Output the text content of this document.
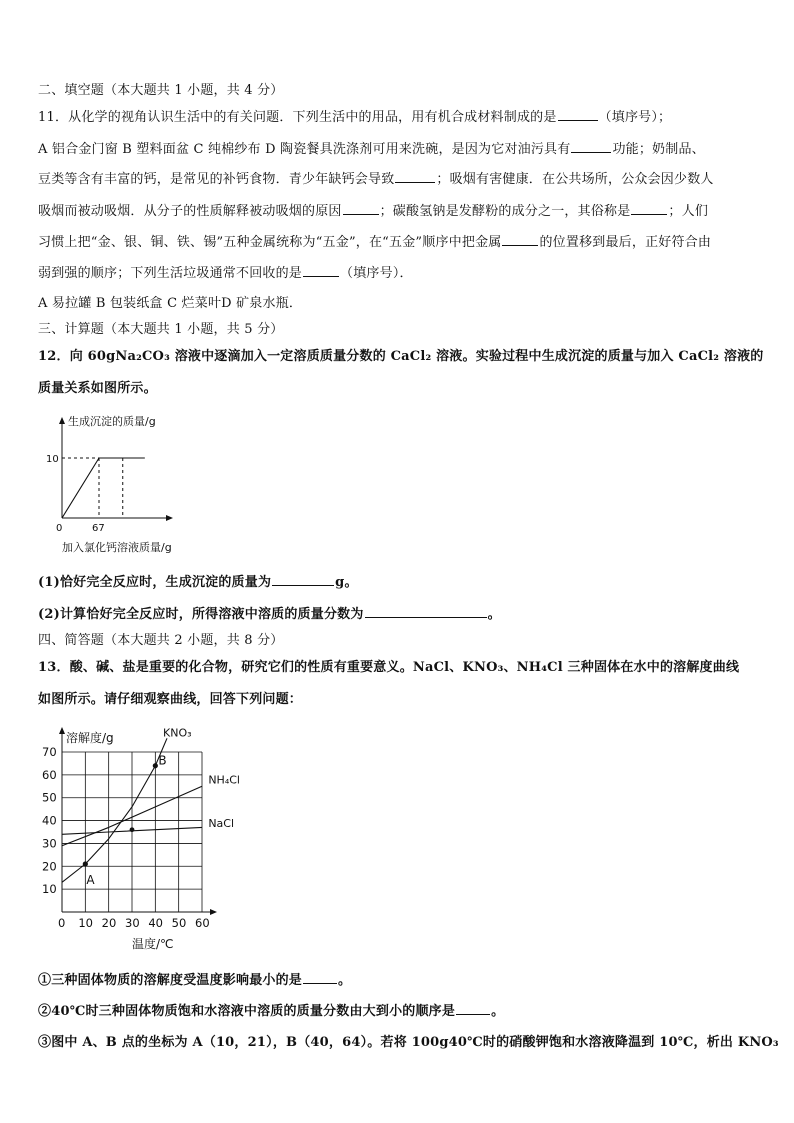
二、填空题（本大题共 1 小题，共 4 分）
11．从化学的视角认识生活中的有关问题．下列生活中的用品，用有机合成材料制成的是	（填序号）；
A 铝合金门窗 B 塑料面盆 C 纯棉纱布 D 陶瓷餐具洗涤剂可用来洗碗，是因为它对油污具有	功能；奶制品、
豆类等含有丰富的钙，是常见的补钙食物．青少年缺钙会导致	；吸烟有害健康．在公共场所，公众会因少数人
吸烟而被动吸烟．从分子的性质解释被动吸烟的原因	；碳酸氢钠是发酵粉的成分之一，其俗称是	；人们
习惯上把“金、银、铜、铁、锡”五种金属统称为“五金”，在“五金”顺序中把金属	的位置移到最后，正好符合由
弱到强的顺序；下列生活垃圾通常不回收的是	（填序号）．
A 易拉罐 B 包装纸盒 C 烂菜叶D 矿泉水瓶．
三、计算题（本大题共 1 小题，共 5 分）
12．向 60gNa₂CO₃ 溶液中逐滴加入一定溶质质量分数的 CaCl₂ 溶液。实验过程中生成沉淀的质量与加入 CaCl₂ 溶液的
质量关系如图所示。
生成沉淀的质量/g
加入氯化钙溶液质量/g
10
0	67
(1)恰好完全反应时，生成沉淀的质量为	g。
(2)计算恰好完全反应时，所得溶液中溶质的质量分数为	。
四、简答题（本大题共 2 小题，共 8 分）
13．酸、碱、盐是重要的化合物，研究它们的性质有重要意义。NaCl、KNO₃、NH₄Cl 三种固体在水中的溶解度曲线
如图所示。请仔细观察曲线，回答下列问题：
溶解度/g
温度/℃
10
20
30
40
50
60
70
0 10 20 30 40 50 60
KNO₃
NH₄Cl
NaCl
A
B
①三种固体物质的溶解度受温度影响最小的是	。
②40℃时三种固体物质饱和水溶液中溶质的质量分数由大到小的顺序是	。
③图中 A、B 点的坐标为 A（10，21），B（40，64）。若将 100g40℃时的硝酸钾饱和水溶液降温到 10℃，析出 KNO₃
